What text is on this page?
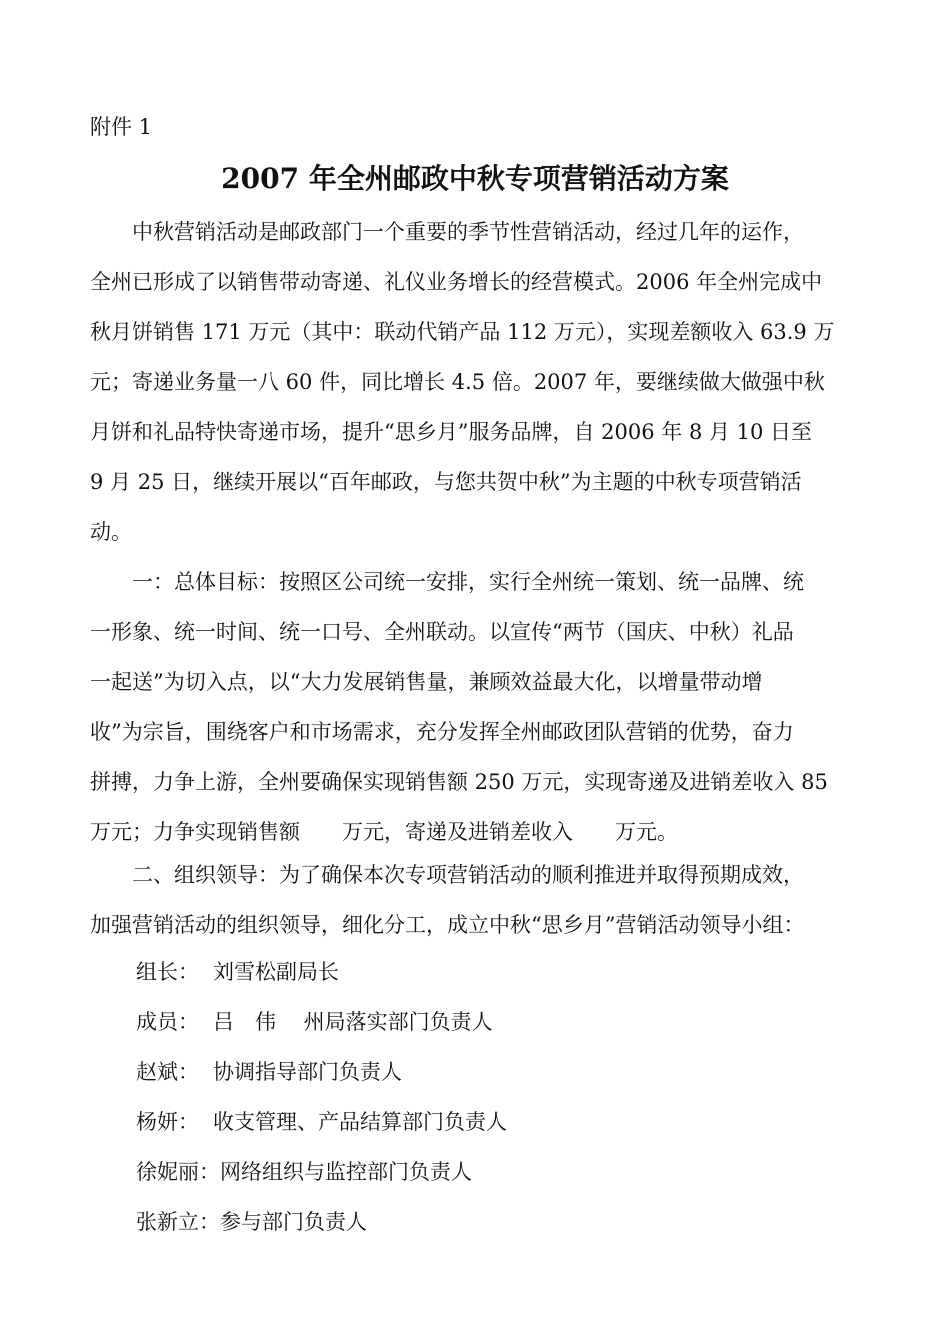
附件 1
2007 年全州邮政中秋专项营销活动方案
　　中秋营销活动是邮政部门一个重要的季节性营销活动，经过几年的运作，
全州已形成了以销售带动寄递、礼仪业务增长的经营模式。2006 年全州完成中
秋月饼销售 171 万元（其中：联动代销产品 112 万元），实现差额收入 63.9 万
元；寄递业务量一八 60 件，同比增长 4.5 倍。2007 年，要继续做大做强中秋
月饼和礼品特快寄递市场，提升“思乡月”服务品牌，自 2006 年 8 月 10 日至
9 月 25 日，继续开展以“百年邮政，与您共贺中秋”为主题的中秋专项营销活
动。
　　一：总体目标：按照区公司统一安排，实行全州统一策划、统一品牌、统
一形象、统一时间、统一口号、全州联动。以宣传“两节（国庆、中秋）礼品
一起送”为切入点，以“大力发展销售量，兼顾效益最大化，以增量带动增
收”为宗旨，围绕客户和市场需求，充分发挥全州邮政团队营销的优势，奋力
拼搏，力争上游，全州要确保实现销售额 250 万元，实现寄递及进销差收入 85
万元；力争实现销售额　　万元，寄递及进销差收入　　万元。
　　二、组织领导：为了确保本次专项营销活动的顺利推进并取得预期成效，
加强营销活动的组织领导，细化分工，成立中秋“思乡月”营销活动领导小组：
组长： 刘雪松副局长
成员： 吕　伟　 州局落实部门负责人
赵斌： 协调指导部门负责人
杨妍： 收支管理、产品结算部门负责人
徐妮丽：网络组织与监控部门负责人
张新立：参与部门负责人
